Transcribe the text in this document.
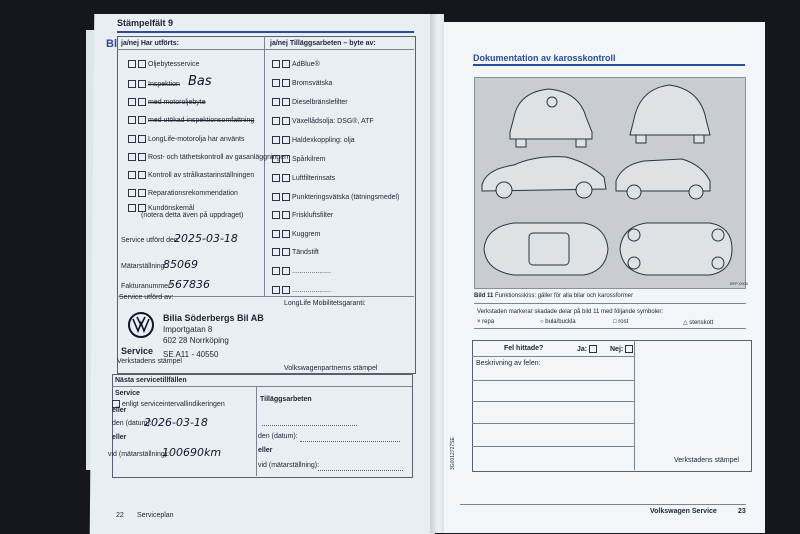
Bl
Stämpelfält 9
ja/nej Har utförts:	ja/nej Tilläggsarbeten – byte av:
Oljebytesservice
Inspektion Bas
med motoroljebyte
med utökad inspektionsomfattning
LongLife-motorolja har använts
Rost- och täthetskontroll av gasanläggningen
Kontroll av strålkastarinställningen
Reparationsrekommendation
Kundönskemål
(notera detta även på uppdraget)
AdBlue®
Bromsvätska
Dieselbränslefilter
Växellådsolja: DSG®, ATF
Haldexkoppling: olja
Spårkilrem
Luftfilterinsats
Punkteringsvätska (tätningsmedel)
Friskluftsfilter
Kuggrem
Tändstift
....................
....................
Service utförd den:
2025-03-18
Mätarställning:
85069
Fakturanummer:
567836
Service utförd av:
LongLife Mobilitetsgaranti:
Service
Bilia Söderbergs Bil AB
Importgatan 8
602 28 Norrköping
SE A11 - 40550
Verkstadens stämpel
Volkswagenpartnerns stämpel
Nästa servicetillfällen
Service
Tilläggsarbeten
enligt serviceintervallindikeringen
eller
den (datum):
2026-03-18
eller
vid (mätarställning):
100690km
den (datum):
eller
vid (mätarställning):
22 Serviceplan
Dokumentation av karosskontroll
BFP-0000
Bild 11 Funktionsskiss: gäller för alla bilar och karossformer
Verkstaden markerar skadade delar på bild 11 med följande symboler:
× repa	○ bula/buckla	□ rost	△ stenskott
Fel hittade?	Ja:	Nej:
Beskrivning av felen:
Verkstadens stämpel
3G0012727SE
Volkswagen Service	23
